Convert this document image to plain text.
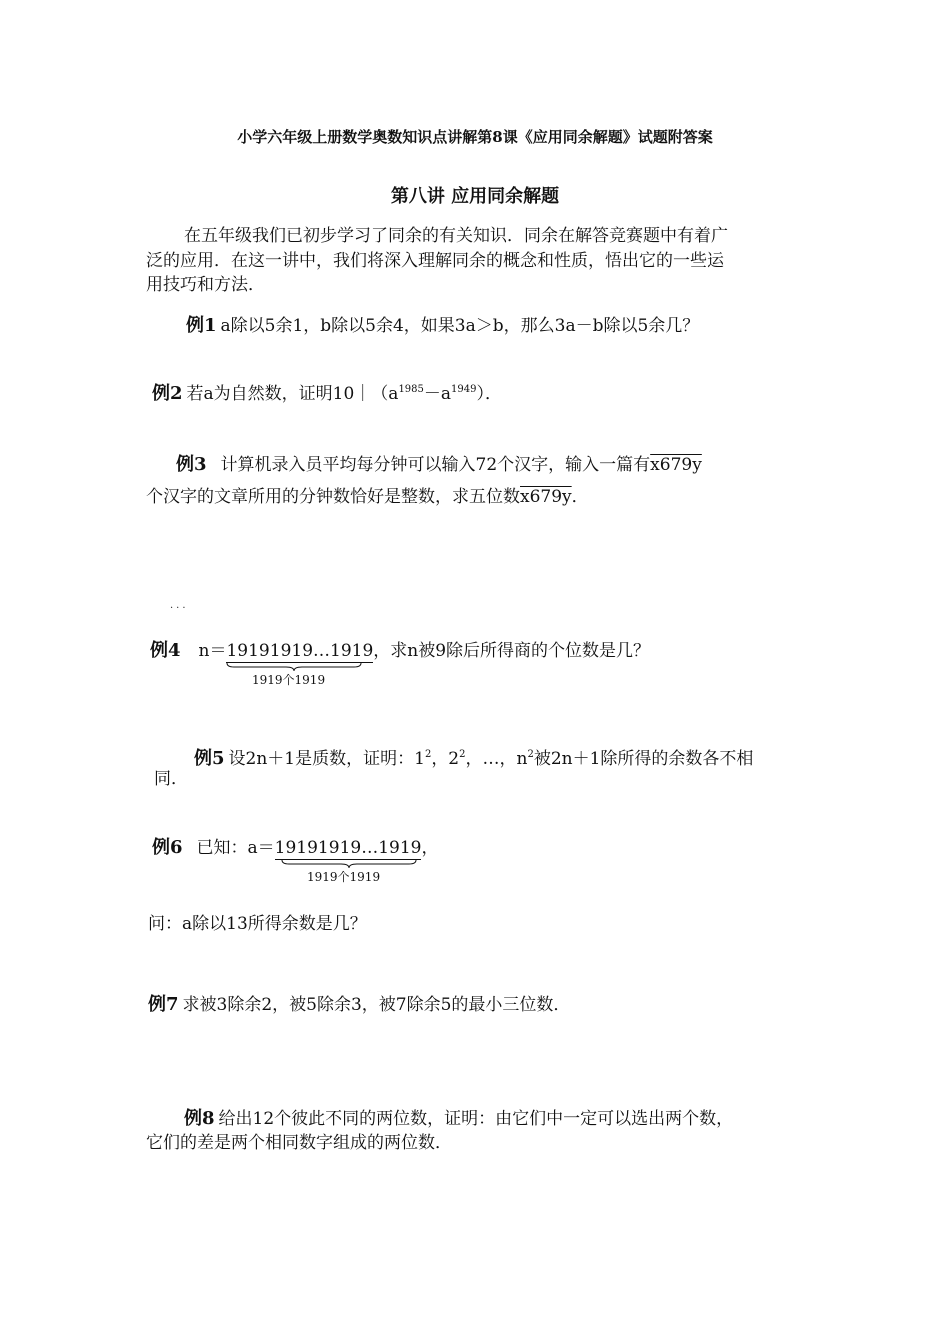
小学六年级上册数学奥数知识点讲解第8课《应用同余解题》试题附答案
第八讲 应用同余解题
在五年级我们已初步学习了同余的有关知识．同余在解答竞赛题中有着广
泛的应用．在这一讲中，我们将深入理解同余的概念和性质，悟出它的一些运
用技巧和方法．
例1 a除以5余1，b除以5余4，如果3a＞b，那么3a－b除以5余几？
例2 若a为自然数，证明$10|(a^{1985}-a^{1949})$．
例3 计算机录入员平均每分钟可以输入72个汉字，输入一篇有x679y
个汉字的文章所用的分钟数恰好是整数，求五位数x679y．
···
例4 n＝19191919…1919，求n被9除后所得商的个位数是几？
1919个1919
例5 设2n＋1是质数，证明：$1^2$，$2^2$，…，$n^2$被2n＋1除所得的余数各不相
同．
例6 已知：a＝19191919…1919，
1919个1919
问：a除以13所得余数是几？
例7 求被3除余2，被5除余3，被7除余5的最小三位数．
例8 给出12个彼此不同的两位数，证明：由它们中一定可以选出两个数，
它们的差是两个相同数字组成的两位数．
